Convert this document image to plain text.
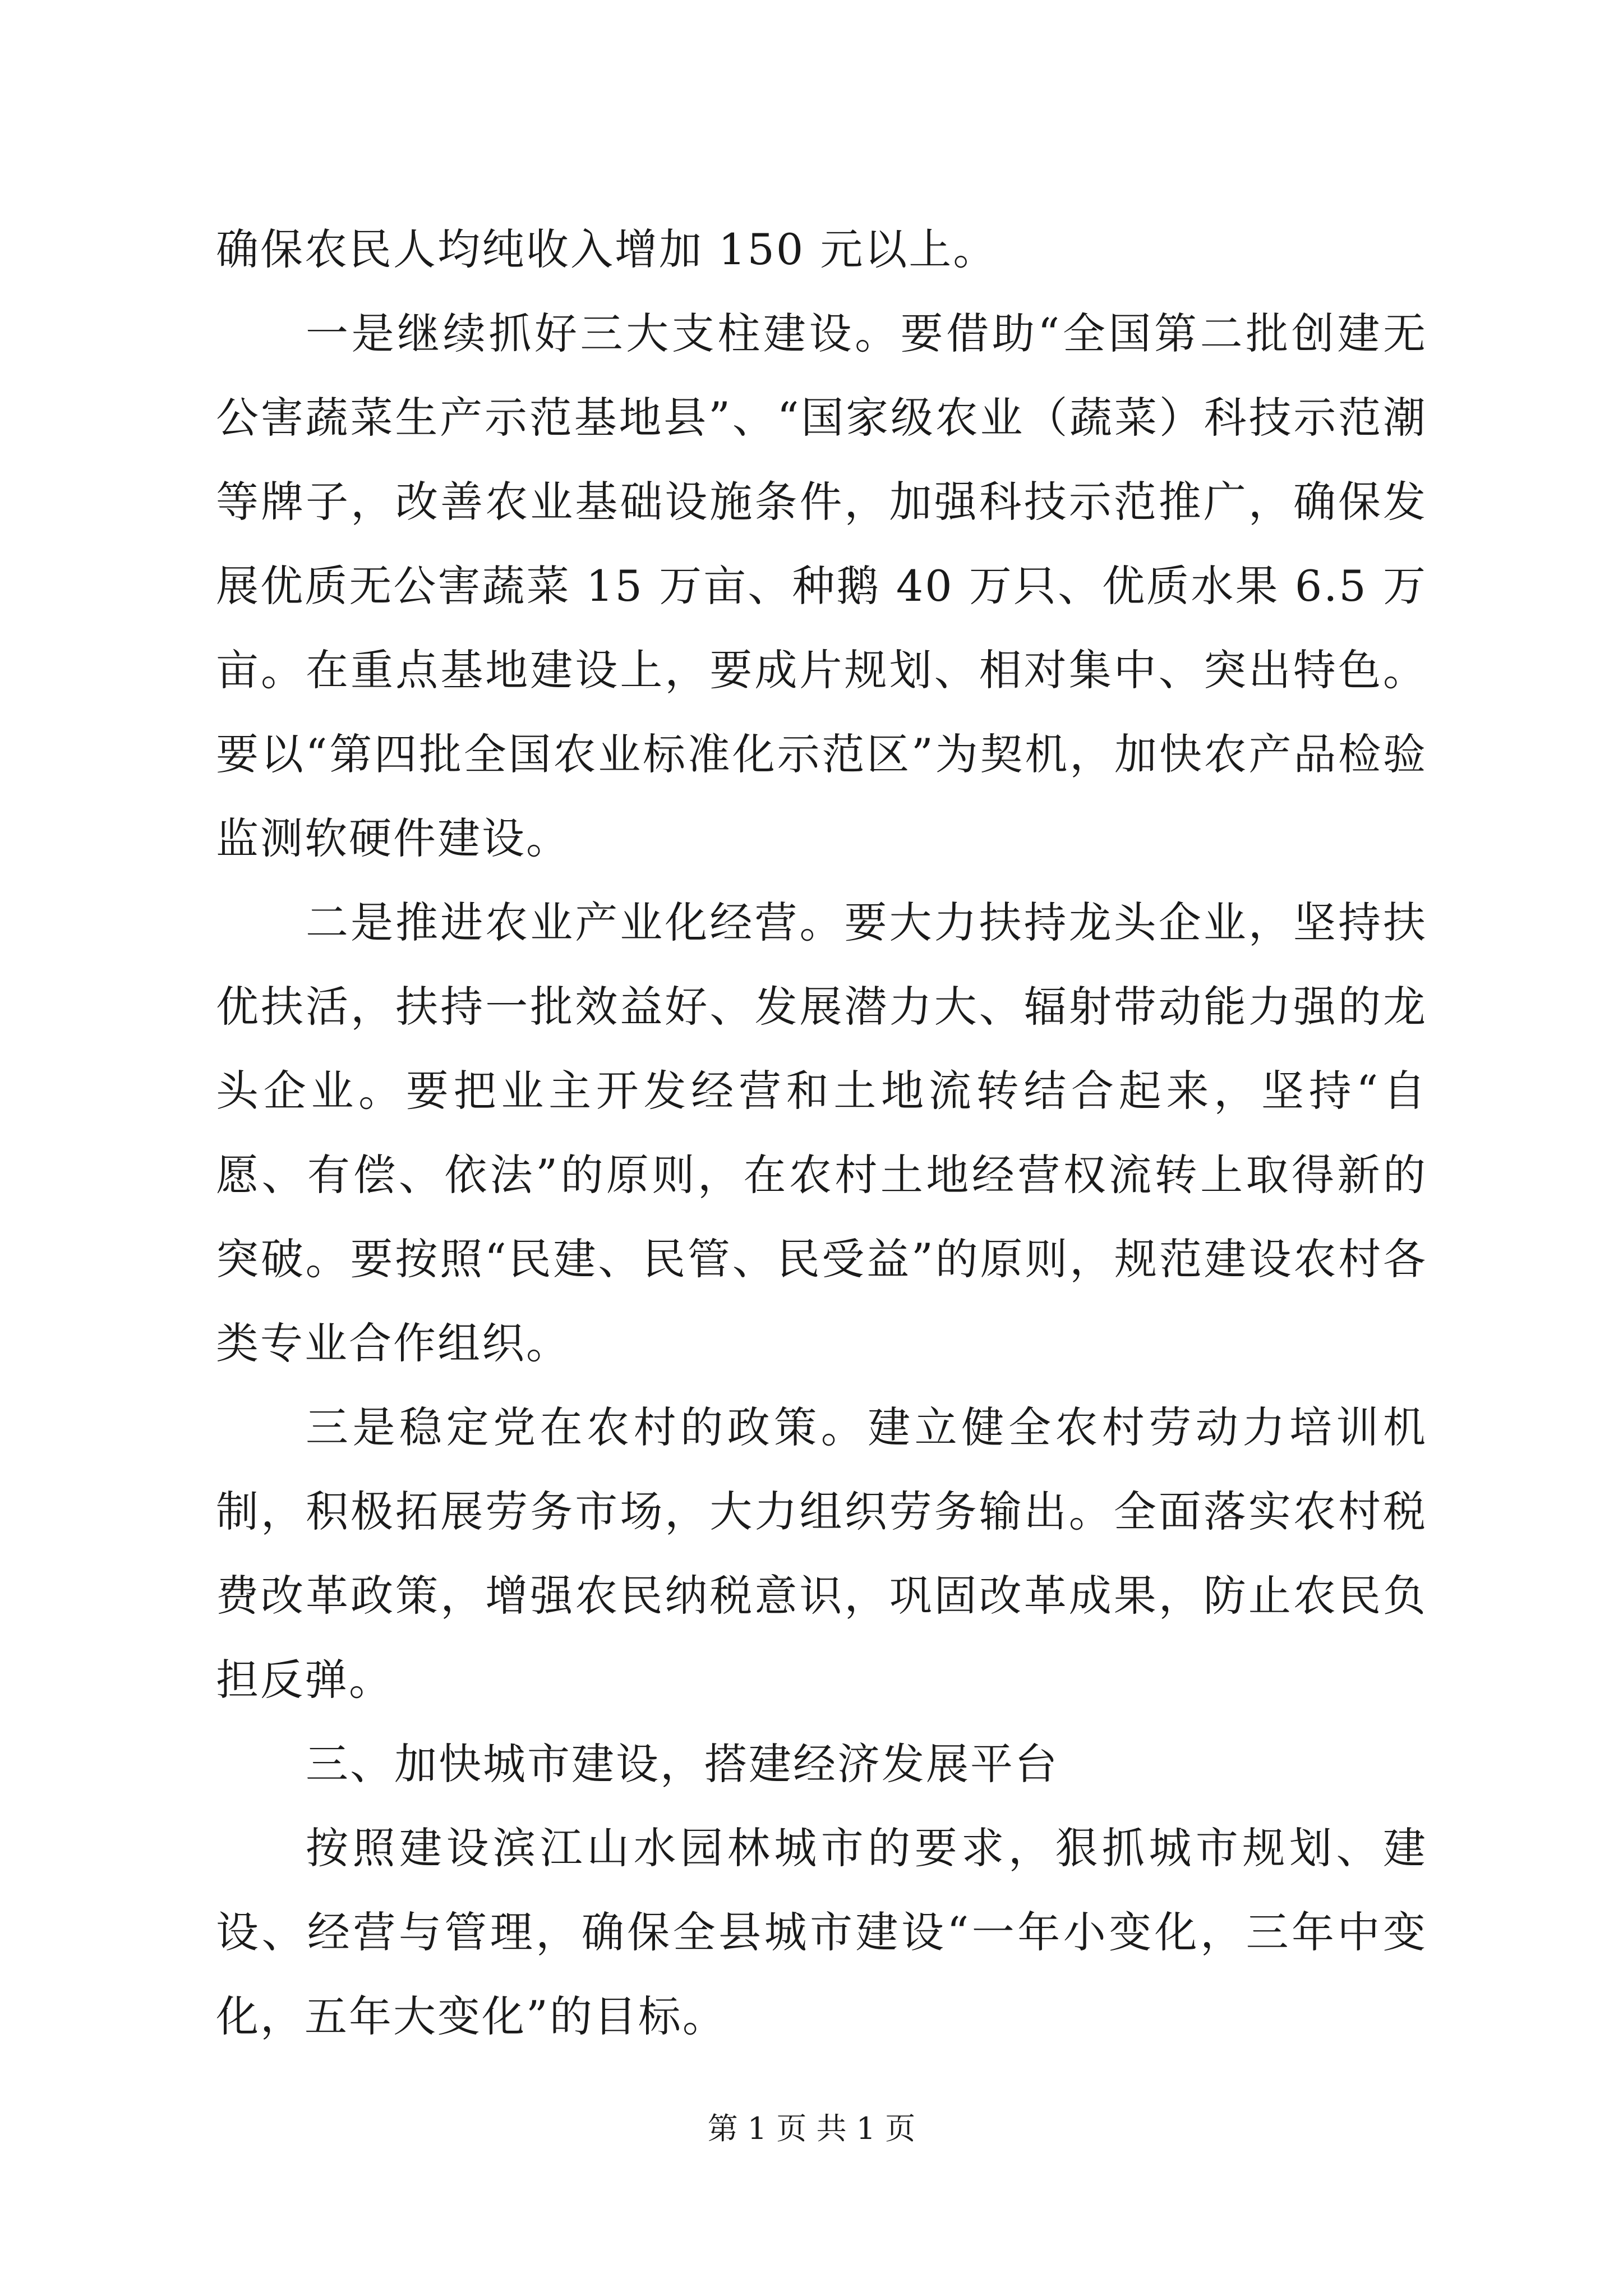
确保农民人均纯收入增加 150 元以上。

一是继续抓好三大支柱建设。要借助“全国第二批创建无公害蔬菜生产示范基地县”、“国家级农业（蔬菜）科技示范潮等牌子，改善农业基础设施条件，加强科技示范推广，确保发展优质无公害蔬菜 15 万亩、种鹅 40 万只、优质水果 6.5 万亩。在重点基地建设上，要成片规划、相对集中、突出特色。要以“第四批全国农业标准化示范区”为契机，加快农产品检验监测软硬件建设。

二是推进农业产业化经营。要大力扶持龙头企业，坚持扶优扶活，扶持一批效益好、发展潜力大、辐射带动能力强的龙头企业。要把业主开发经营和土地流转结合起来，坚持“自愿、有偿、依法”的原则，在农村土地经营权流转上取得新的突破。要按照“民建、民管、民受益”的原则，规范建设农村各类专业合作组织。

三是稳定党在农村的政策。建立健全农村劳动力培训机制，积极拓展劳务市场，大力组织劳务输出。全面落实农村税费改革政策，增强农民纳税意识，巩固改革成果，防止农民负担反弹。

三、加快城市建设，搭建经济发展平台

按照建设滨江山水园林城市的要求，狠抓城市规划、建设、经营与管理，确保全县城市建设“一年小变化，三年中变化，五年大变化”的目标。

第 1 页 共 1 页
